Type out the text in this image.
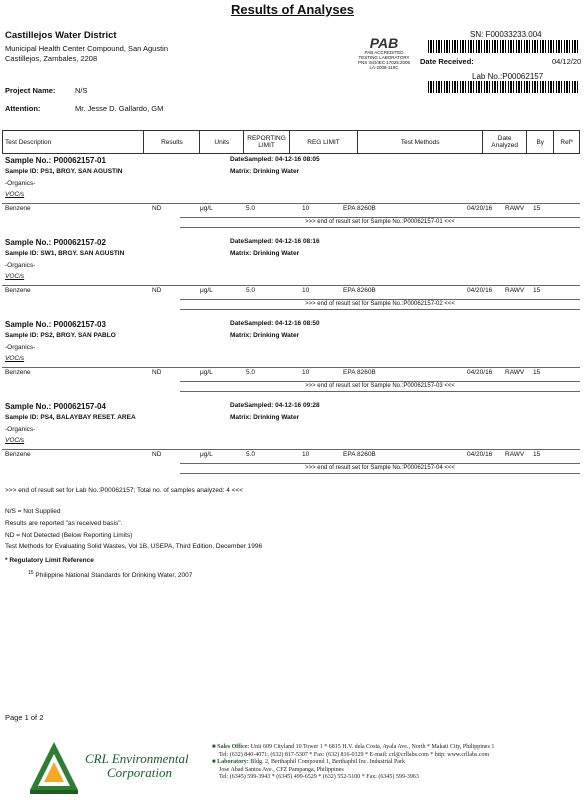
Results of Analyses
Castillejos Water District
Municipal Health Center Compound, San Agustin
Castillejos, Zambales, 2208
PAB
PAB ACCREDITED
TESTING LABORATORY
PNS ISO/IEC 17025:2005
LA-2008-119C
SN: F00033233.004
Date Received:	04/12/20
Lab No.:P00062157
Project Name:	N/S
Attention:	Mr. Jesse D. Gallardo, GM
Test Description	Results	Units	REPORTING LIMIT	REG LIMIT	Test Methods	Date Analyzed	By	Ref*
Sample No.: P00062157-01
Sample ID: PS1, BRGY. SAN AGUSTIN
-Organics-
VOC/s
DateSampled: 04-12-16 08:05
Matrix: Drinking Water
Benzene	ND	μg/L	5.0	10	EPA 8260B	04/20/16 RAWV 15
>>> end of result set for Sample No.:P00062157-01 <<<
Sample No.: P00062157-02
Sample ID: SW1, BRGY. SAN AGUSTIN
-Organics-
VOC/s
DateSampled: 04-12-16 08:16
Matrix: Drinking Water
Benzene	ND	μg/L	5.0	10	EPA 8260B	04/20/16 RAWV 15
>>> end of result set for Sample No.:P00062157-02 <<<
Sample No.: P00062157-03
Sample ID: PS2, BRGY. SAN PABLO
-Organics-
VOC/s
DateSampled: 04-12-16 08:50
Matrix: Drinking Water
Benzene	ND	μg/L	5.0	10	EPA 8260B	04/20/16 RAWV 15
>>> end of result set for Sample No.:P00062157-03 <<<
Sample No.: P00062157-04
Sample ID: PS4, BALAYBAY RESET. AREA
-Organics-
VOC/s
DateSampled: 04-12-16 09:28
Matrix: Drinking Water
Benzene	ND	μg/L	5.0	10	EPA 8260B	04/20/16 RAWV 15
>>> end of result set for Sample No.:P00062157-04 <<<
>>> end of result set for Lab No.:P00062157; Total no. of samples analyzed: 4 <<<
N/S = Not Supplied
Results are reported "as received basis".
ND = Not Detected (Below Reporting Limits)
Test Methods for Evaluating Solid Wastes, Vol 1B, USEPA, Third Edition, December 1996
* Regulatory Limit Reference
$^{15}$ Philippine National Standards for Drinking Water, 2007
Page 1 of 2
CRL Environmental
Corporation
■ Sales Office: Unit 609 Cityland 10 Tower 1 * 6815 H.V. dela Costa, Ayala Ave., North * Makati City, Philippines 1
Tel: (632) 840-4071; (632) 817-5307 * Fax: (632) 816-0329 * E-mail: crl@crllabs.com * http: www.crllabs.com
■ Laboratory: Bldg. 2, Berthaphil Compound 1, Berthaphil Inc. Industrial Park
Jose Abad Santos Ave., CFZ Pampanga, Philippines
Tel: (6345) 599-3943 * (6345) 499-6529 * (632) 552-5100 * Fax: (6345) 599-3963
